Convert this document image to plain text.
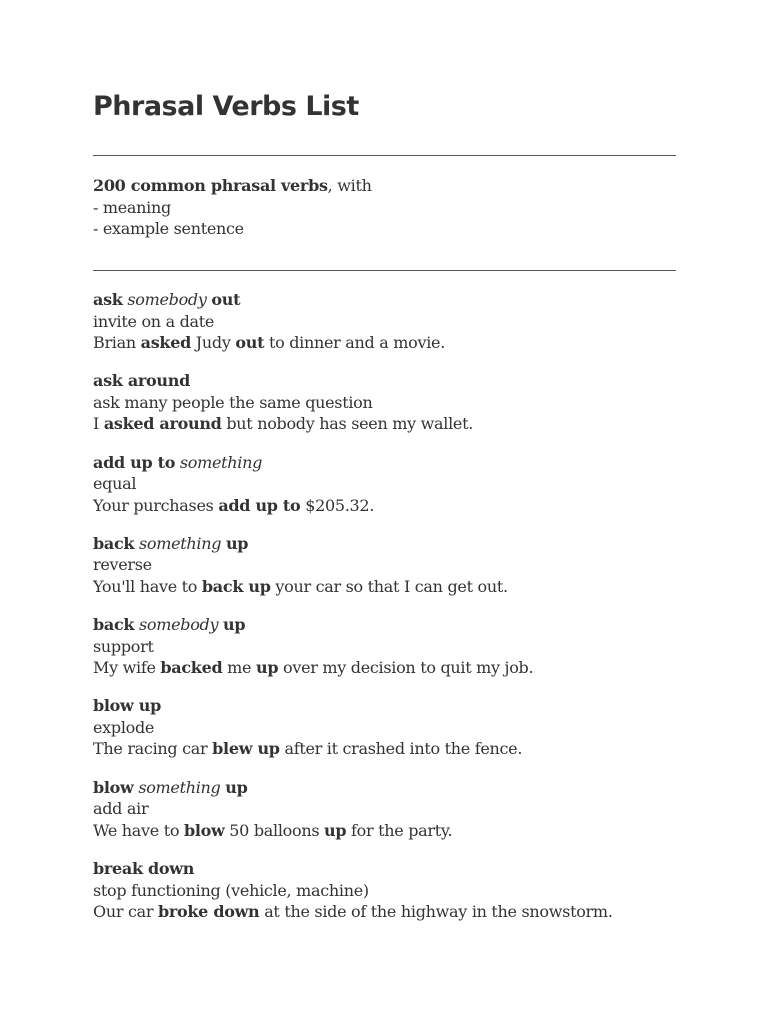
Phrasal Verbs List
200 common phrasal verbs, with
- meaning
- example sentence
ask somebody out
invite on a date
Brian asked Judy out to dinner and a movie.
ask around
ask many people the same question
I asked around but nobody has seen my wallet.
add up to something
equal
Your purchases add up to $205.32.
back something up
reverse
You'll have to back up your car so that I can get out.
back somebody up
support
My wife backed me up over my decision to quit my job.
blow up
explode
The racing car blew up after it crashed into the fence.
blow something up
add air
We have to blow 50 balloons up for the party.
break down
stop functioning (vehicle, machine)
Our car broke down at the side of the highway in the snowstorm.
